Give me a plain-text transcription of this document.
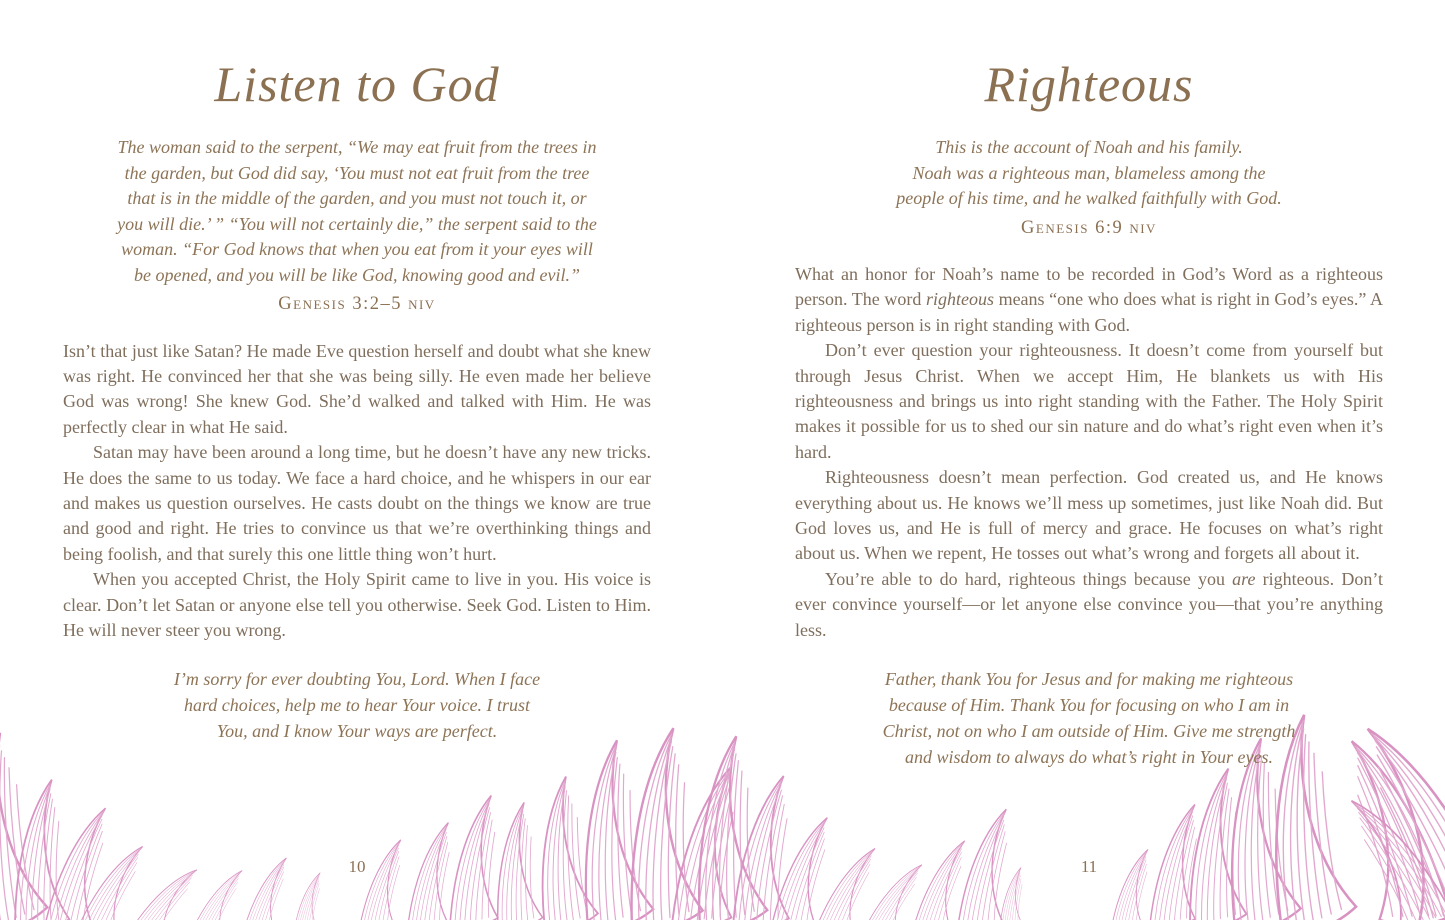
Listen to God
The woman said to the serpent, “We may eat fruit from the trees in
the garden, but God did say, ‘You must not eat fruit from the tree
that is in the middle of the garden, and you must not touch it, or
you will die.’ ” “You will not certainly die,” the serpent said to the
woman. “For God knows that when you eat from it your eyes will
be opened, and you will be like God, knowing good and evil.”
Genesis 3:2–5 niv

Isn’t that just like Satan? He made Eve question herself and doubt what she knew was right. He convinced her that she was being silly. He even made her believe God was wrong! She knew God. She’d walked and talked with Him. He was perfectly clear in what He said.

Satan may have been around a long time, but he doesn’t have any new tricks. He does the same to us today. We face a hard choice, and he whispers in our ear and makes us question ourselves. He casts doubt on the things we know are true and good and right. He tries to convince us that we’re overthinking things and being foolish, and that surely this one little thing won’t hurt.

When you accepted Christ, the Holy Spirit came to live in you. His voice is clear. Don’t let Satan or anyone else tell you otherwise. Seek God. Listen to Him. He will never steer you wrong.

I’m sorry for ever doubting You, Lord. When I face
hard choices, help me to hear Your voice. I trust
You, and I know Your ways are perfect.
Righteous
This is the account of Noah and his family.
Noah was a righteous man, blameless among the
people of his time, and he walked faithfully with God.
Genesis 6:9 niv

What an honor for Noah’s name to be recorded in God’s Word as a righteous person. The word righteous means “one who does what is right in God’s eyes.” A righteous person is in right standing with God.

Don’t ever question your righteousness. It doesn’t come from yourself but through Jesus Christ. When we accept Him, He blankets us with His righteousness and brings us into right standing with the Father. The Holy Spirit makes it possible for us to shed our sin nature and do what’s right even when it’s hard.

Righteousness doesn’t mean perfection. God created us, and He knows everything about us. He knows we’ll mess up sometimes, just like Noah did. But God loves us, and He is full of mercy and grace. He focuses on what’s right about us. When we repent, He tosses out what’s wrong and forgets all about it.

You’re able to do hard, righteous things because you are righteous. Don’t ever convince yourself—or let anyone else convince you—that you’re anything less.

Father, thank You for Jesus and for making me righteous
because of Him. Thank You for focusing on who I am in
Christ, not on who I am outside of Him. Give me strength
and wisdom to always do what’s right in Your eyes.
10	11
